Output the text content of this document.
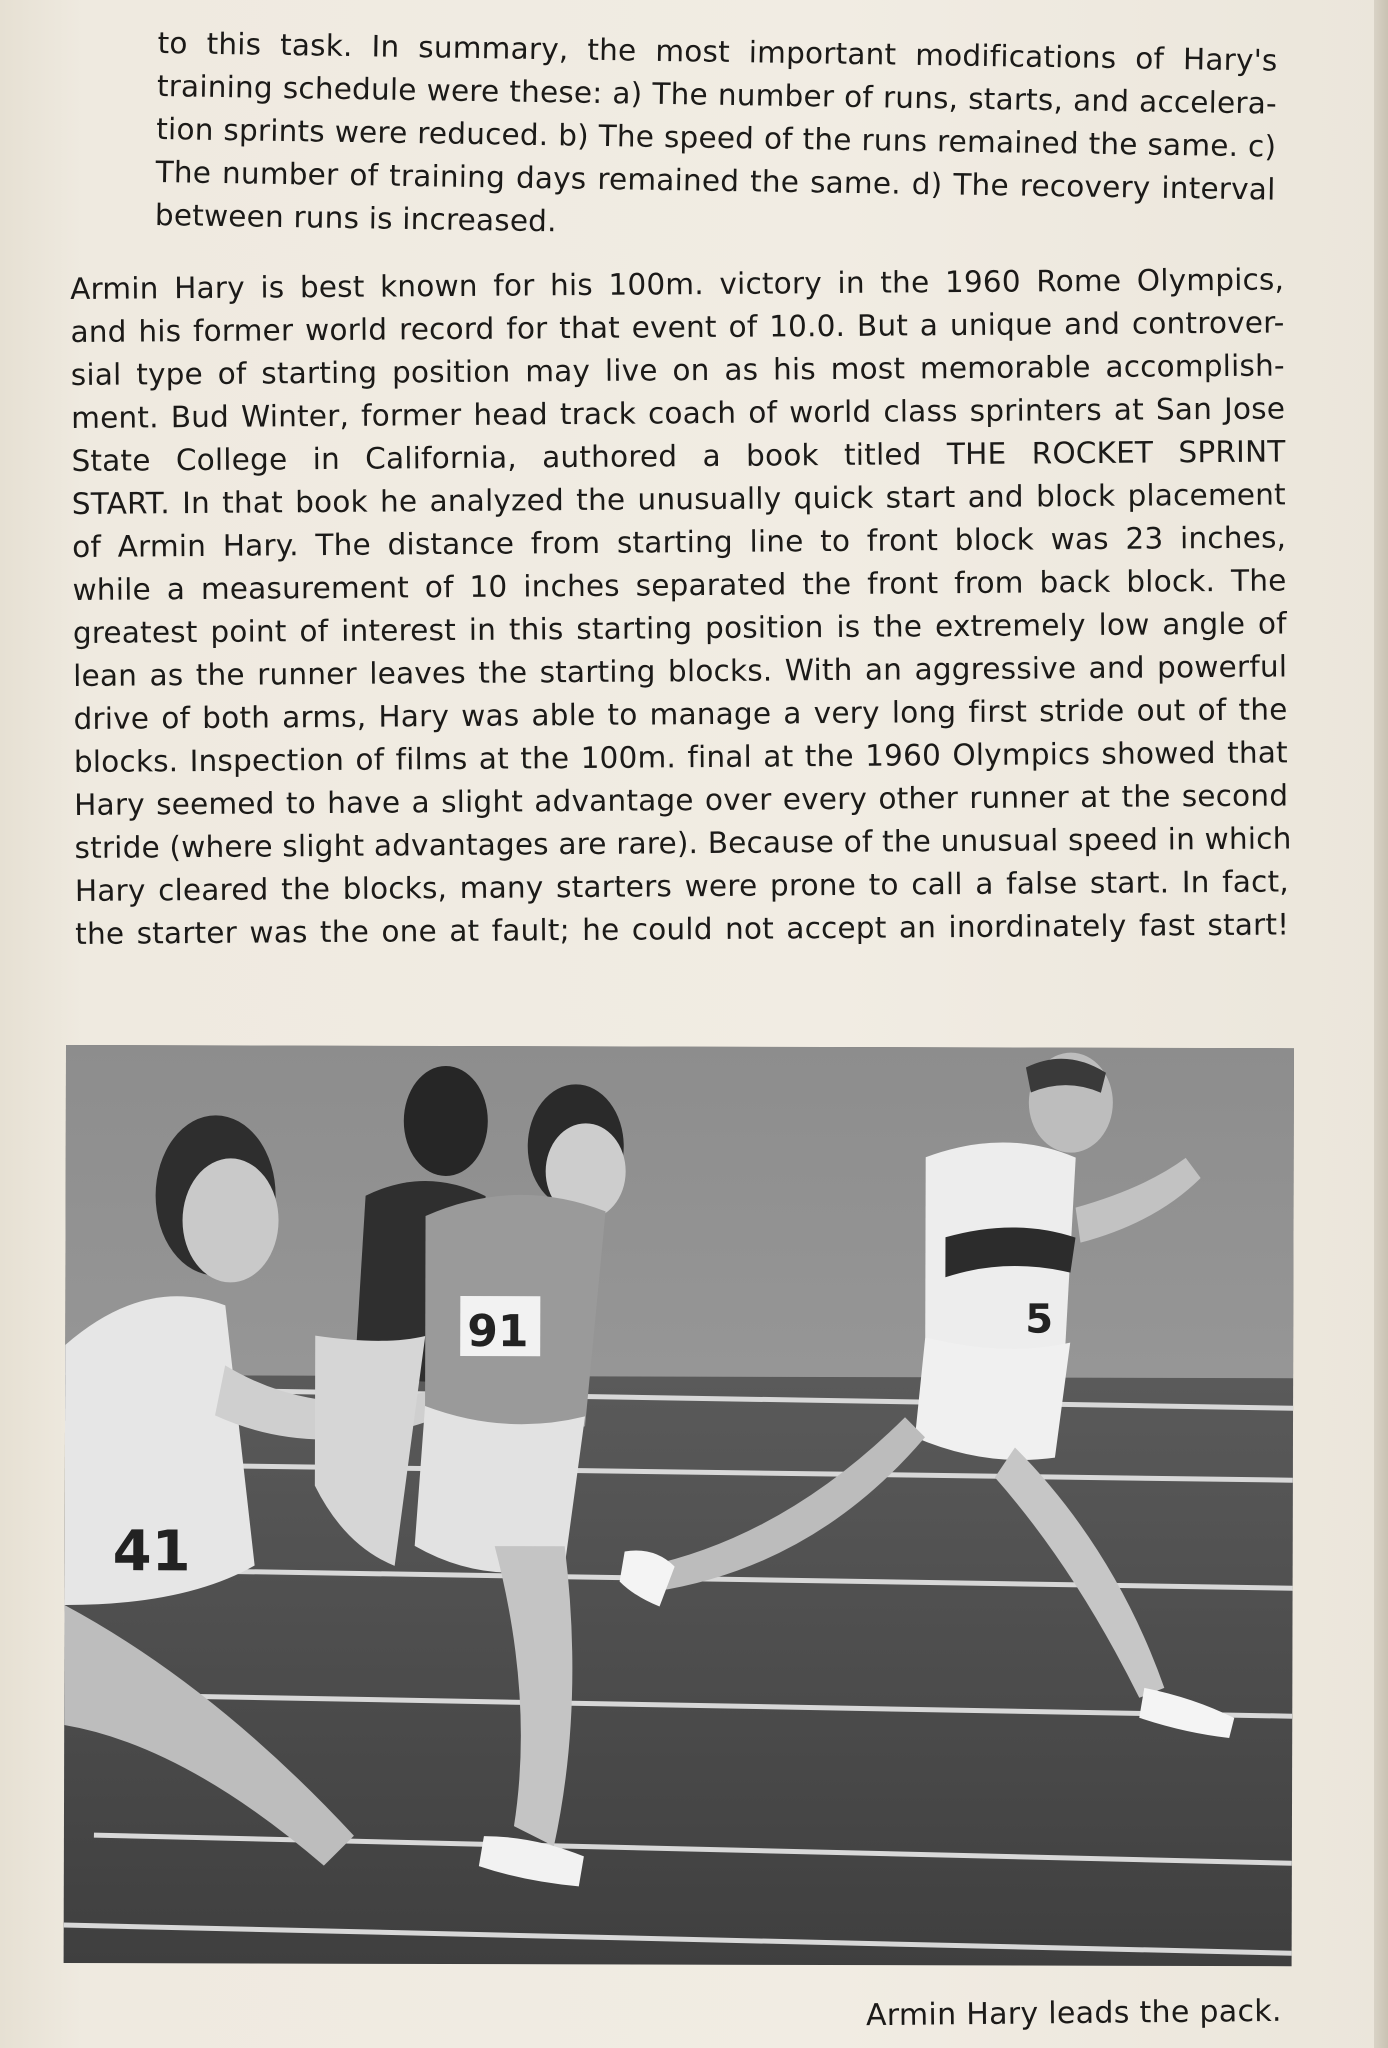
to this task. In summary, the most important modifications of Hary's
training schedule were these: a) The number of runs, starts, and accelera-
tion sprints were reduced. b) The speed of the runs remained the same. c)
The number of training days remained the same. d) The recovery interval
between runs is increased.

Armin Hary is best known for his 100m. victory in the 1960 Rome Olympics,
and his former world record for that event of 10.0. But a unique and controver-
sial type of starting position may live on as his most memorable accomplish-
ment. Bud Winter, former head track coach of world class sprinters at San Jose
State College in California, authored a book titled THE ROCKET SPRINT
START. In that book he analyzed the unusually quick start and block placement
of Armin Hary. The distance from starting line to front block was 23 inches,
while a measurement of 10 inches separated the front from back block. The
greatest point of interest in this starting position is the extremely low angle of
lean as the runner leaves the starting blocks. With an aggressive and powerful
drive of both arms, Hary was able to manage a very long first stride out of the
blocks. Inspection of films at the 100m. final at the 1960 Olympics showed that
Hary seemed to have a slight advantage over every other runner at the second
stride (where slight advantages are rare). Because of the unusual speed in which
Hary cleared the blocks, many starters were prone to call a false start. In fact,
the starter was the one at fault; he could not accept an inordinately fast start!

41
91	5
Armin Hary leads the pack.
